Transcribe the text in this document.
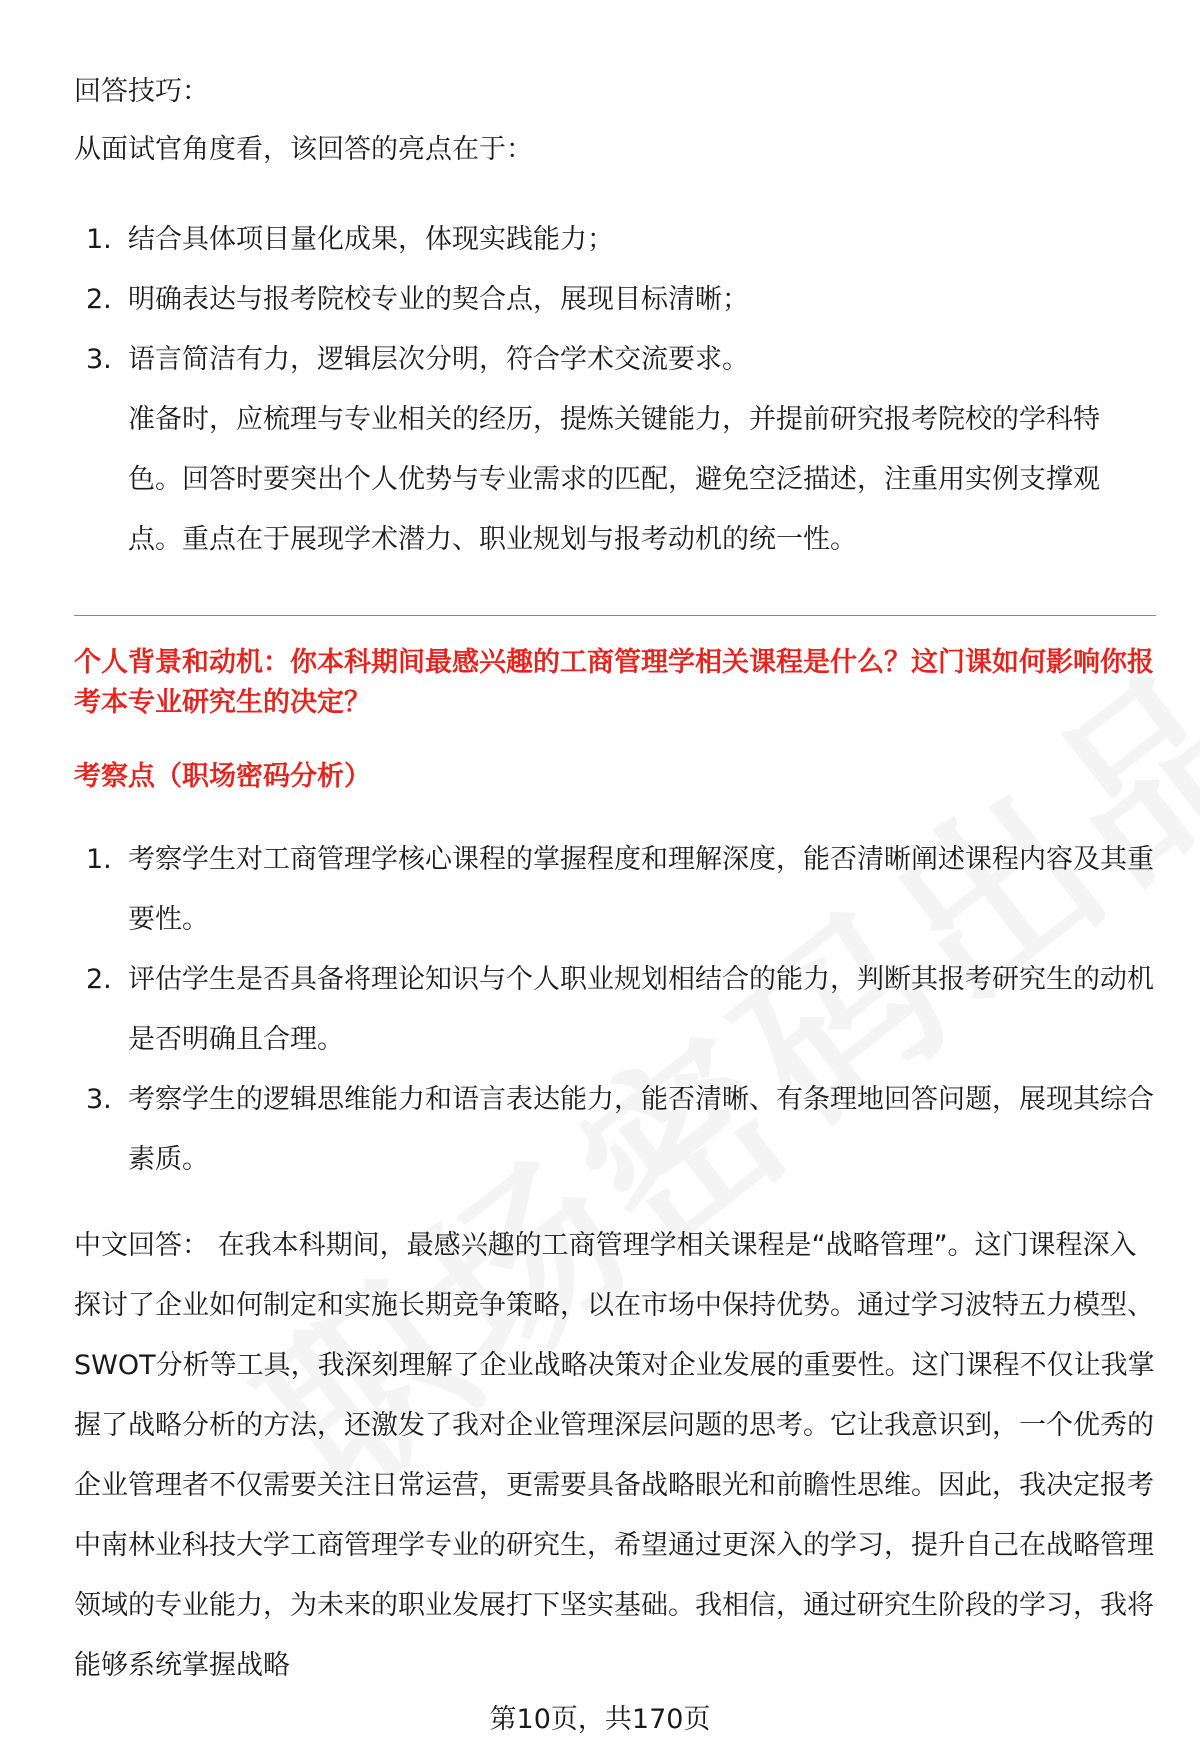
回答技巧：

从面试官角度看，该回答的亮点在于：

1. 结合具体项目量化成果，体现实践能力；
2. 明确表达与报考院校专业的契合点，展现目标清晰；
3. 语言简洁有力，逻辑层次分明，符合学术交流要求。
准备时，应梳理与专业相关的经历，提炼关键能力，并提前研究报考院校的学科特色。回答时要突出个人优势与专业需求的匹配，避免空泛描述，注重用实例支撑观点。重点在于展现学术潜力、职业规划与报考动机的统一性。
个人背景和动机：你本科期间最感兴趣的工商管理学相关课程是什么？这门课如何影响你报考本专业研究生的决定？
考察点（职场密码分析）
1. 考察学生对工商管理学核心课程的掌握程度和理解深度，能否清晰阐述课程内容及其重要性。
2. 评估学生是否具备将理论知识与个人职业规划相结合的能力，判断其报考研究生的动机是否明确且合理。
3. 考察学生的逻辑思维能力和语言表达能力，能否清晰、有条理地回答问题，展现其综合素质。
中文回答： 在我本科期间，最感兴趣的工商管理学相关课程是“战略管理”。这门课程深入探讨了企业如何制定和实施长期竞争策略，以在市场中保持优势。通过学习波特五力模型、SWOT分析等工具，我深刻理解了企业战略决策对企业发展的重要性。这门课程不仅让我掌握了战略分析的方法，还激发了我对企业管理深层问题的思考。它让我意识到，一个优秀的企业管理者不仅需要关注日常运营，更需要具备战略眼光和前瞻性思维。因此，我决定报考中南林业科技大学工商管理学专业的研究生，希望通过更深入的学习，提升自己在战略管理领域的专业能力，为未来的职业发展打下坚实基础。我相信，通过研究生阶段的学习，我将能够系统掌握战略
第10页，共170页
